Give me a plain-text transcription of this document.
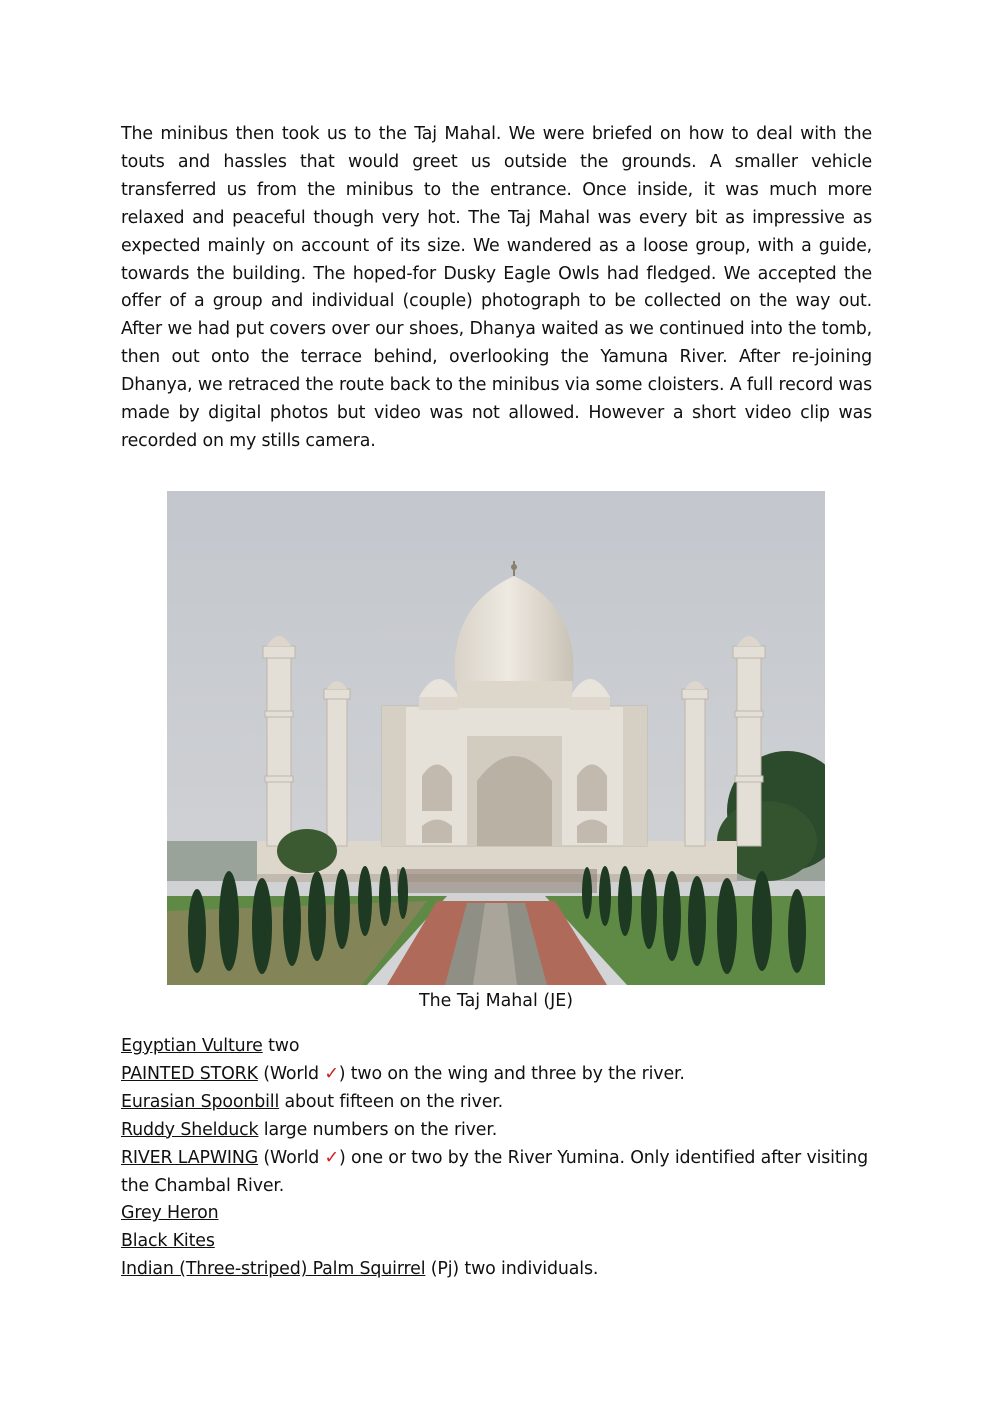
The minibus then took us to the Taj Mahal. We were briefed on how to deal with the touts and hassles that would greet us outside the grounds. A smaller vehicle transferred us from the minibus to the entrance. Once inside, it was much more relaxed and peaceful though very hot. The Taj Mahal was every bit as impressive as expected mainly on account of its size. We wandered as a loose group, with a guide, towards the building. The hoped-for Dusky Eagle Owls had fledged. We accepted the offer of a group and individual (couple) photograph to be collected on the way out. After we had put covers over our shoes, Dhanya waited as we continued into the tomb, then out onto the terrace behind, overlooking the Yamuna River. After re-joining Dhanya, we retraced the route back to the minibus via some cloisters. A full record was made by digital photos but video was not allowed. However a short video clip was recorded on my stills camera.

The Taj Mahal (JE)

Egyptian Vulture two
PAINTED STORK (World ✓) two on the wing and three by the river.
Eurasian Spoonbill about fifteen on the river.
Ruddy Shelduck large numbers on the river.
RIVER LAPWING (World ✓) one or two by the River Yumina. Only identified after visiting the Chambal River.
Grey Heron
Black Kites
Indian (Three-striped) Palm Squirrel (Pj) two individuals.
